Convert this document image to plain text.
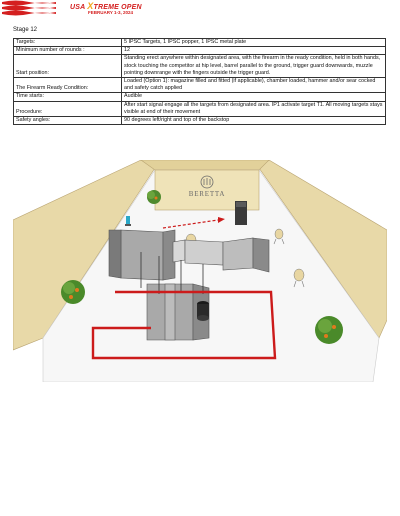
USA XTREME OPEN
FEBRUARY 1-3, 2024
Stage 12
Targets:	5 IPSC Targets, 1 IPSC popper, 1 IPSC metal plate
Minimum number of rounds :	12
Start position:	Standing erect anywhere within designated area, with the firearm in the ready condition, held in both hands, stock touching the competitor at hip level, barrel parallel to the ground, trigger guard downwards, muzzle pointing downrange with the fingers outside the trigger guard.
The Firearm Ready Condition:	Loaded (Option 1): magazine filled and fitted (if applicable), chamber loaded, hammer and/or sear cocked and safety catch applied
Time starts:	Audible
Procedure:	After start signal engage all the targets from designated area. IP1 activate target T1. All moving targets stays visible at end of their movement
Safety angles:	90 degrees left/right and top of the backstop
BERETTA
